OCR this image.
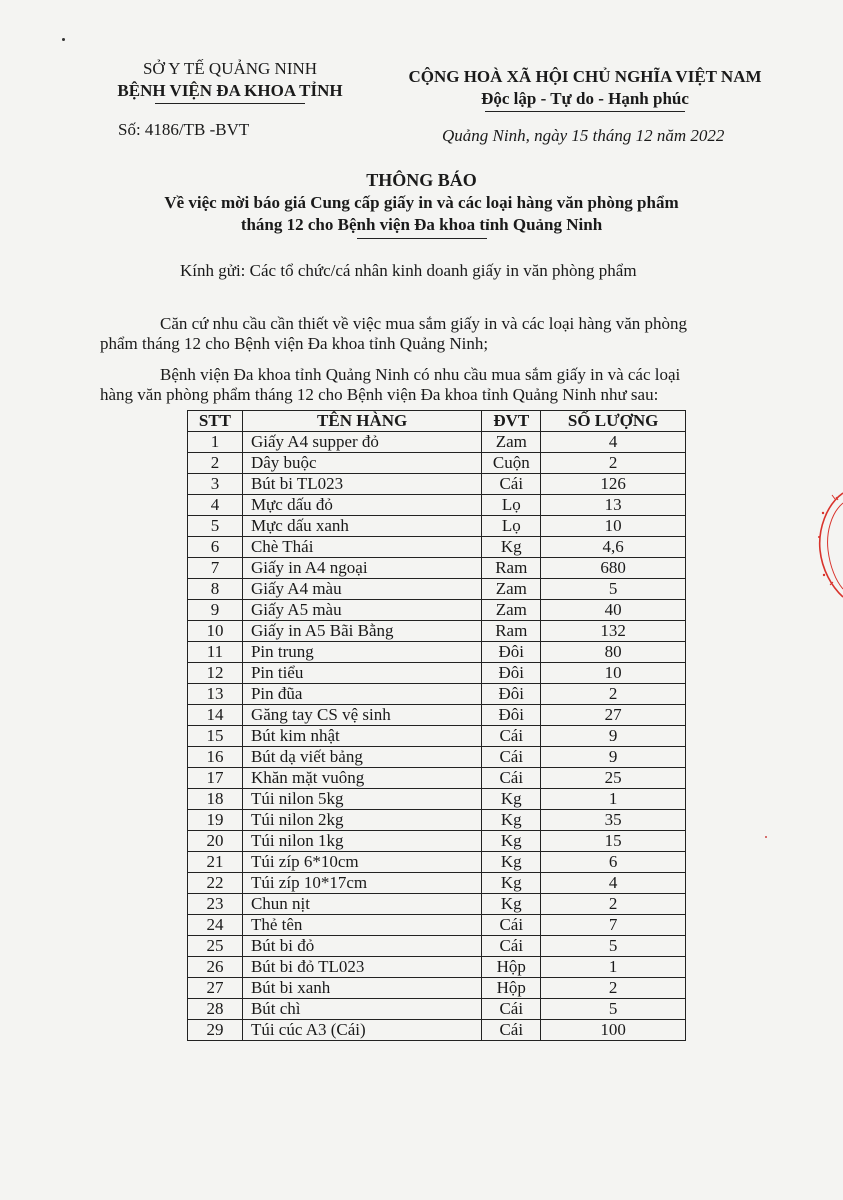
SỞ Y TẾ QUẢNG NINH
BỆNH VIỆN ĐA KHOA TỈNH
Số: 4186/TB -BVT
CỘNG HOÀ XÃ HỘI CHỦ NGHĨA VIỆT NAM
Độc lập - Tự do - Hạnh phúc
Quảng Ninh, ngày 15 tháng 12 năm 2022
THÔNG BÁO
Về việc mời báo giá Cung cấp giấy in và các loại hàng văn phòng phẩm
tháng 12 cho Bệnh viện Đa khoa tỉnh Quảng Ninh
Kính gửi: Các tổ chức/cá nhân kinh doanh giấy in văn phòng phẩm
Căn cứ nhu cầu cần thiết về việc mua sắm giấy in và các loại hàng văn phòng
phẩm tháng 12 cho Bệnh viện Đa khoa tỉnh Quảng Ninh;
Bệnh viện Đa khoa tỉnh Quảng Ninh có nhu cầu mua sắm giấy in và các loại
hàng văn phòng phẩm tháng 12 cho Bệnh viện Đa khoa tỉnh Quảng Ninh như sau:
STT	TÊN HÀNG	ĐVT	SỐ LƯỢNG
1	Giấy A4 supper đỏ	Zam	4
2	Dây buộc	Cuộn	2
3	Bút bi TL023	Cái	126
4	Mực dấu đỏ	Lọ	13
5	Mực dấu xanh	Lọ	10
6	Chè Thái	Kg	4,6
7	Giấy in A4 ngoại	Ram	680
8	Giấy A4 màu	Zam	5
9	Giấy A5 màu	Zam	40
10	Giấy in A5 Bãi Bằng	Ram	132
11	Pin trung	Đôi	80
12	Pin tiểu	Đôi	10
13	Pin đũa	Đôi	2
14	Găng tay CS vệ sinh	Đôi	27
15	Bút kim nhật	Cái	9
16	Bút dạ viết bảng	Cái	9
17	Khăn mặt vuông	Cái	25
18	Túi nilon 5kg	Kg	1
19	Túi nilon 2kg	Kg	35
20	Túi nilon 1kg	Kg	15
21	Túi zíp 6*10cm	Kg	6
22	Túi zíp 10*17cm	Kg	4
23	Chun nịt	Kg	2
24	Thẻ tên	Cái	7
25	Bút bi đỏ	Cái	5
26	Bút bi đỏ TL023	Hộp	1
27	Bút bi xanh	Hộp	2
28	Bút chì	Cái	5
29	Túi cúc A3 (Cái)	Cái	100
